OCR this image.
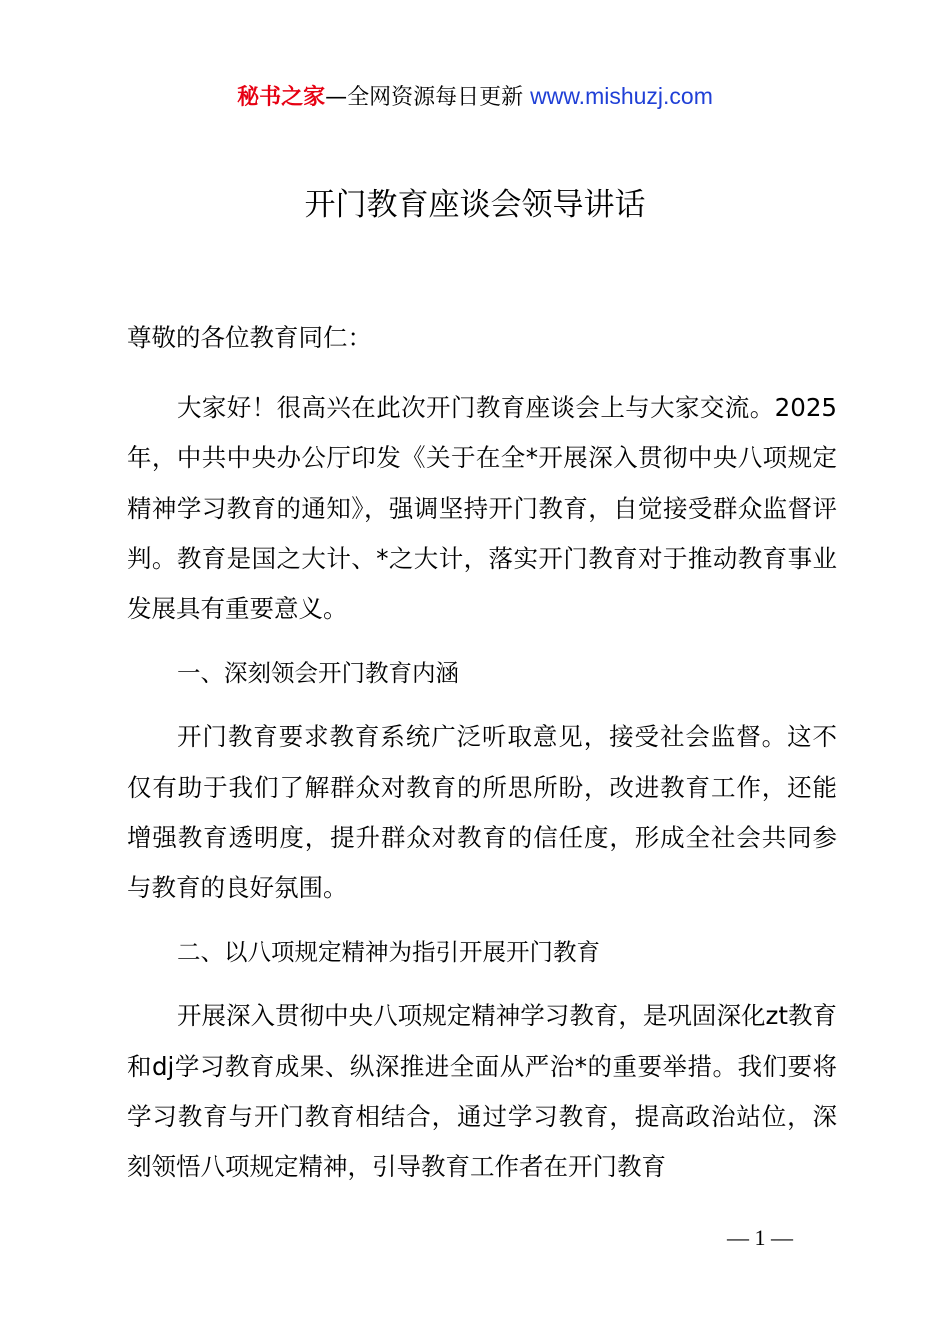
秘书之家—全网资源每日更新 www.mishuzj.com
开门教育座谈会领导讲话

尊敬的各位教育同仁：

大家好！很高兴在此次开门教育座谈会上与大家交流。2025年，中共中央办公厅印发《关于在全*开展深入贯彻中央八项规定精神学习教育的通知》，强调坚持开门教育，自觉接受群众监督评判。教育是国之大计、*之大计，落实开门教育对于推动教育事业发展具有重要意义。

一、深刻领会开门教育内涵

开门教育要求教育系统广泛听取意见，接受社会监督。这不仅有助于我们了解群众对教育的所思所盼，改进教育工作，还能增强教育透明度，提升群众对教育的信任度，形成全社会共同参与教育的良好氛围。

二、以八项规定精神为指引开展开门教育

开展深入贯彻中央八项规定精神学习教育，是巩固深化zt教育和dj学习教育成果、纵深推进全面从严治*的重要举措。我们要将学习教育与开门教育相结合，通过学习教育，提高政治站位，深刻领悟八项规定精神，引导教育工作者在开门教育

— 1 —
